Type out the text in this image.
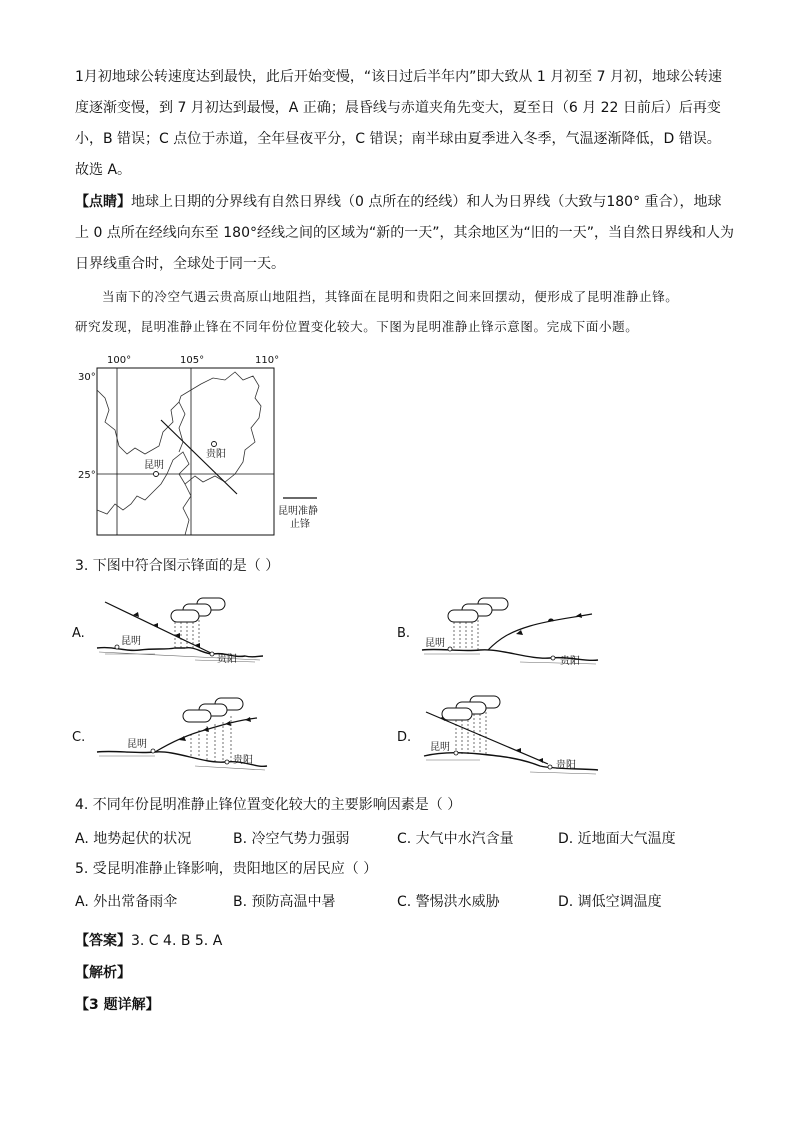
1月初地球公转速度达到最快，此后开始变慢，“该日过后半年内”即大致从 1 月初至 7 月初，地球公转速
度逐渐变慢，到 7 月初达到最慢，A 正确；晨昏线与赤道夹角先变大，夏至日（6 月 22 日前后）后再变
小，B 错误；C 点位于赤道，全年昼夜平分，C 错误；南半球由夏季进入冬季，气温逐渐降低，D 错误。
故选 A。
【点睛】地球上日期的分界线有自然日界线（0 点所在的经线）和人为日界线（大致与180° 重合），地球
上 0 点所在经线向东至 180°经线之间的区域为“新的一天”，其余地区为“旧的一天”，当自然日界线和人为
日界线重合时，全球处于同一天。
当南下的冷空气遇云贵高原山地阻挡，其锋面在昆明和贵阳之间来回摆动，便形成了昆明准静止锋。
研究发现，昆明准静止锋在不同年份位置变化较大。下图为昆明准静止锋示意图。完成下面小题。
100°	105°	110°
30°
25°
昆明
贵阳
昆明准静
止锋
3. 下图中符合图示锋面的是（ ）
A.
昆明
贵阳
B.
昆明
贵阳
C.	昆明
贵阳
D.
昆明
贵阳
4. 不同年份昆明准静止锋位置变化较大的主要影响因素是（ ）
A. 地势起伏的状况	B. 冷空气势力强弱	C. 大气中水汽含量	D. 近地面大气温度
5. 受昆明准静止锋影响，贵阳地区的居民应（ ）
A. 外出常备雨伞	B. 预防高温中暑	C. 警惕洪水威胁	D. 调低空调温度
【答案】3. C 4. B 5. A
【解析】
【3 题详解】
